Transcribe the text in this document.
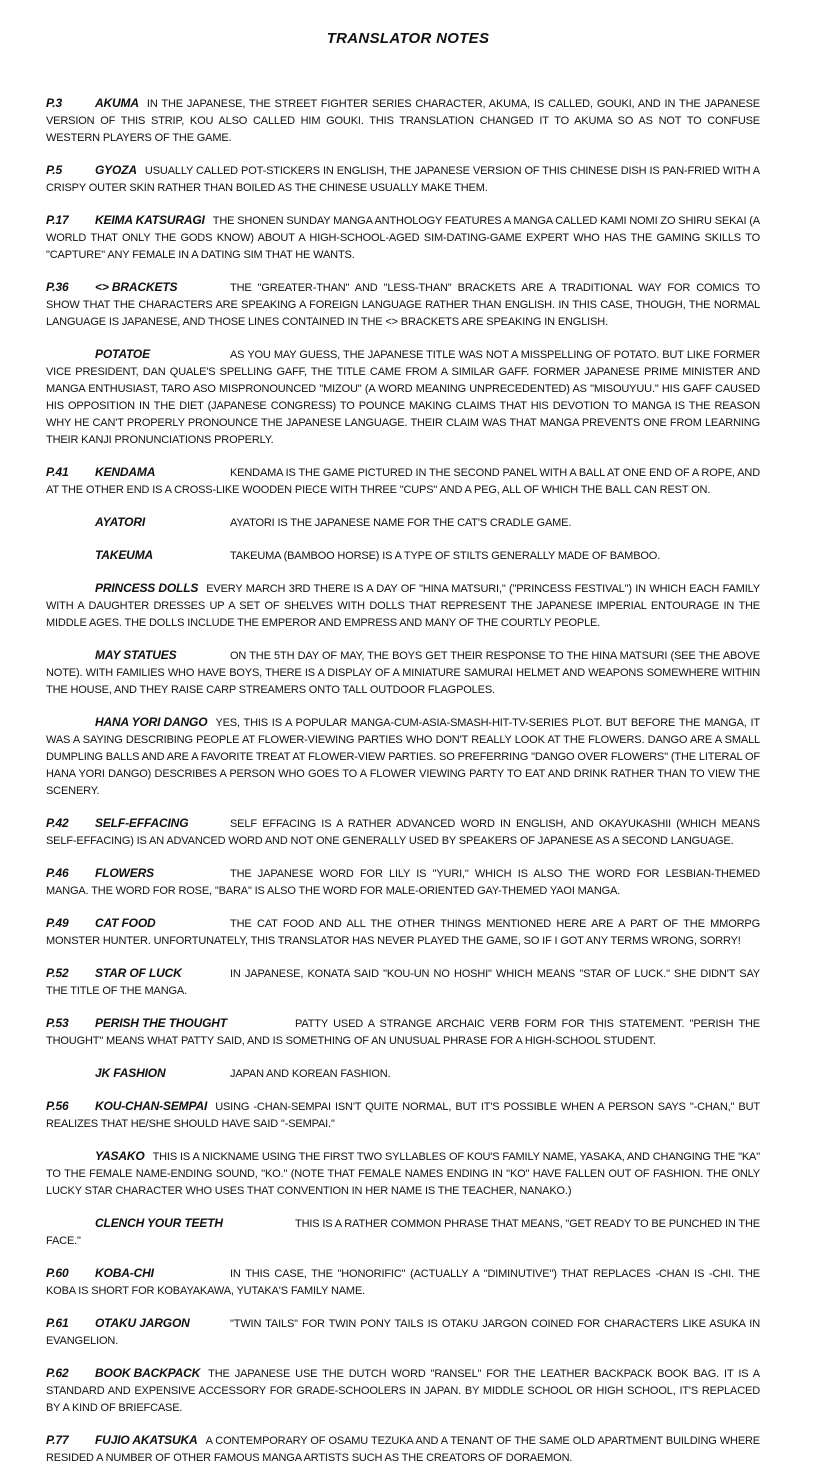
TRANSLATOR NOTES

P.3	AKUMA IN THE JAPANESE, THE STREET FIGHTER SERIES CHARACTER, AKUMA, IS CALLED, GOUKI, AND IN THE JAPANESE VERSION OF THIS STRIP, KOU ALSO CALLED HIM GOUKI. THIS TRANSLATION CHANGED IT TO AKUMA SO AS NOT TO CONFUSE WESTERN PLAYERS OF THE GAME.

P.5	GYOZA USUALLY CALLED POT-STICKERS IN ENGLISH, THE JAPANESE VERSION OF THIS CHINESE DISH IS PAN-FRIED WITH A CRISPY OUTER SKIN RATHER THAN BOILED AS THE CHINESE USUALLY MAKE THEM.

P.17 KEIMA KATSURAGI THE SHONEN SUNDAY MANGA ANTHOLOGY FEATURES A MANGA CALLED KAMI NOMI ZO SHIRU SEKAI (A WORLD THAT ONLY THE GODS KNOW) ABOUT A HIGH-SCHOOL-AGED SIM-DATING-GAME EXPERT WHO HAS THE GAMING SKILLS TO "CAPTURE" ANY FEMALE IN A DATING SIM THAT HE WANTS.

P.36 <> BRACKETS	THE "GREATER-THAN" AND "LESS-THAN" BRACKETS ARE A TRADITIONAL WAY FOR COMICS TO SHOW THAT THE CHARACTERS ARE SPEAKING A FOREIGN LANGUAGE RATHER THAN ENGLISH. IN THIS CASE, THOUGH, THE NORMAL LANGUAGE IS JAPANESE, AND THOSE LINES CONTAINED IN THE <> BRACKETS ARE SPEAKING IN ENGLISH.

POTATOE	AS YOU MAY GUESS, THE JAPANESE TITLE WAS NOT A MISSPELLING OF POTATO. BUT LIKE FORMER VICE PRESIDENT, DAN QUALE'S SPELLING GAFF, THE TITLE CAME FROM A SIMILAR GAFF. FORMER JAPANESE PRIME MINISTER AND MANGA ENTHUSIAST, TARO ASO MISPRONOUNCED "MIZOU" (A WORD MEANING UNPRECEDENTED) AS "MISOUYUU." HIS GAFF CAUSED HIS OPPOSITION IN THE DIET (JAPANESE CONGRESS) TO POUNCE MAKING CLAIMS THAT HIS DEVOTION TO MANGA IS THE REASON WHY HE CAN'T PROPERLY PRONOUNCE THE JAPANESE LANGUAGE. THEIR CLAIM WAS THAT MANGA PREVENTS ONE FROM LEARNING THEIR KANJI PRONUNCIATIONS PROPERLY.

P.41 KENDAMA	KENDAMA IS THE GAME PICTURED IN THE SECOND PANEL WITH A BALL AT ONE END OF A ROPE, AND AT THE OTHER END IS A CROSS-LIKE WOODEN PIECE WITH THREE "CUPS" AND A PEG, ALL OF WHICH THE BALL CAN REST ON.

AYATORI	AYATORI IS THE JAPANESE NAME FOR THE CAT'S CRADLE GAME.

TAKEUMA	TAKEUMA (BAMBOO HORSE) IS A TYPE OF STILTS GENERALLY MADE OF BAMBOO.

PRINCESS DOLLS EVERY MARCH 3RD THERE IS A DAY OF "HINA MATSURI," ("PRINCESS FESTIVAL") IN WHICH EACH FAMILY WITH A DAUGHTER DRESSES UP A SET OF SHELVES WITH DOLLS THAT REPRESENT THE JAPANESE IMPERIAL ENTOURAGE IN THE MIDDLE AGES. THE DOLLS INCLUDE THE EMPEROR AND EMPRESS AND MANY OF THE COURTLY PEOPLE.

MAY STATUES	ON THE 5TH DAY OF MAY, THE BOYS GET THEIR RESPONSE TO THE HINA MATSURI (SEE THE ABOVE NOTE). WITH FAMILIES WHO HAVE BOYS, THERE IS A DISPLAY OF A MINIATURE SAMURAI HELMET AND WEAPONS SOMEWHERE WITHIN THE HOUSE, AND THEY RAISE CARP STREAMERS ONTO TALL OUTDOOR FLAGPOLES.

HANA YORI DANGO YES, THIS IS A POPULAR MANGA-CUM-ASIA-SMASH-HIT-TV-SERIES PLOT. BUT BEFORE THE MANGA, IT WAS A SAYING DESCRIBING PEOPLE AT FLOWER-VIEWING PARTIES WHO DON'T REALLY LOOK AT THE FLOWERS. DANGO ARE A SMALL DUMPLING BALLS AND ARE A FAVORITE TREAT AT FLOWER-VIEW PARTIES. SO PREFERRING "DANGO OVER FLOWERS" (THE LITERAL OF HANA YORI DANGO) DESCRIBES A PERSON WHO GOES TO A FLOWER VIEWING PARTY TO EAT AND DRINK RATHER THAN TO VIEW THE SCENERY.

P.42 SELF-EFFACING	SELF EFFACING IS A RATHER ADVANCED WORD IN ENGLISH, AND OKAYUKASHII (WHICH MEANS SELF-EFFACING) IS AN ADVANCED WORD AND NOT ONE GENERALLY USED BY SPEAKERS OF JAPANESE AS A SECOND LANGUAGE.

P.46 FLOWERS	THE JAPANESE WORD FOR LILY IS "YURI," WHICH IS ALSO THE WORD FOR LESBIAN-THEMED MANGA. THE WORD FOR ROSE, "BARA" IS ALSO THE WORD FOR MALE-ORIENTED GAY-THEMED YAOI MANGA.

P.49 CAT FOOD	THE CAT FOOD AND ALL THE OTHER THINGS MENTIONED HERE ARE A PART OF THE MMORPG MONSTER HUNTER. UNFORTUNATELY, THIS TRANSLATOR HAS NEVER PLAYED THE GAME, SO IF I GOT ANY TERMS WRONG, SORRY!

P.52 STAR OF LUCK	IN JAPANESE, KONATA SAID "KOU-UN NO HOSHI" WHICH MEANS "STAR OF LUCK." SHE DIDN'T SAY THE TITLE OF THE MANGA.

P.53 PERISH THE THOUGHT	PATTY USED A STRANGE ARCHAIC VERB FORM FOR THIS STATEMENT. "PERISH THE THOUGHT" MEANS WHAT PATTY SAID, AND IS SOMETHING OF AN UNUSUAL PHRASE FOR A HIGH-SCHOOL STUDENT.

JK FASHION	JAPAN AND KOREAN FASHION.

P.56 KOU-CHAN-SEMPAI USING -CHAN-SEMPAI ISN'T QUITE NORMAL, BUT IT'S POSSIBLE WHEN A PERSON SAYS "-CHAN," BUT REALIZES THAT HE/SHE SHOULD HAVE SAID "-SEMPAI."

YASAKO THIS IS A NICKNAME USING THE FIRST TWO SYLLABLES OF KOU'S FAMILY NAME, YASAKA, AND CHANGING THE "KA" TO THE FEMALE NAME-ENDING SOUND, "KO." (NOTE THAT FEMALE NAMES ENDING IN "KO" HAVE FALLEN OUT OF FASHION. THE ONLY LUCKY STAR CHARACTER WHO USES THAT CONVENTION IN HER NAME IS THE TEACHER, NANAKO.)

CLENCH YOUR TEETH	THIS IS A RATHER COMMON PHRASE THAT MEANS, "GET READY TO BE PUNCHED IN THE FACE."

P.60 KOBA-CHI	IN THIS CASE, THE "HONORIFIC" (ACTUALLY A "DIMINUTIVE") THAT REPLACES -CHAN IS -CHI. THE KOBA IS SHORT FOR KOBAYAKAWA, YUTAKA'S FAMILY NAME.

P.61 OTAKU JARGON	"TWIN TAILS" FOR TWIN PONY TAILS IS OTAKU JARGON COINED FOR CHARACTERS LIKE ASUKA IN EVANGELION.

P.62 BOOK BACKPACK THE JAPANESE USE THE DUTCH WORD "RANSEL" FOR THE LEATHER BACKPACK BOOK BAG. IT IS A STANDARD AND EXPENSIVE ACCESSORY FOR GRADE-SCHOOLERS IN JAPAN. BY MIDDLE SCHOOL OR HIGH SCHOOL, IT'S REPLACED BY A KIND OF BRIEFCASE.

P.77 FUJIO AKATSUKA A CONTEMPORARY OF OSAMU TEZUKA AND A TENANT OF THE SAME OLD APARTMENT BUILDING WHERE RESIDED A NUMBER OF OTHER FAMOUS MANGA ARTISTS SUCH AS THE CREATORS OF DORAEMON.
